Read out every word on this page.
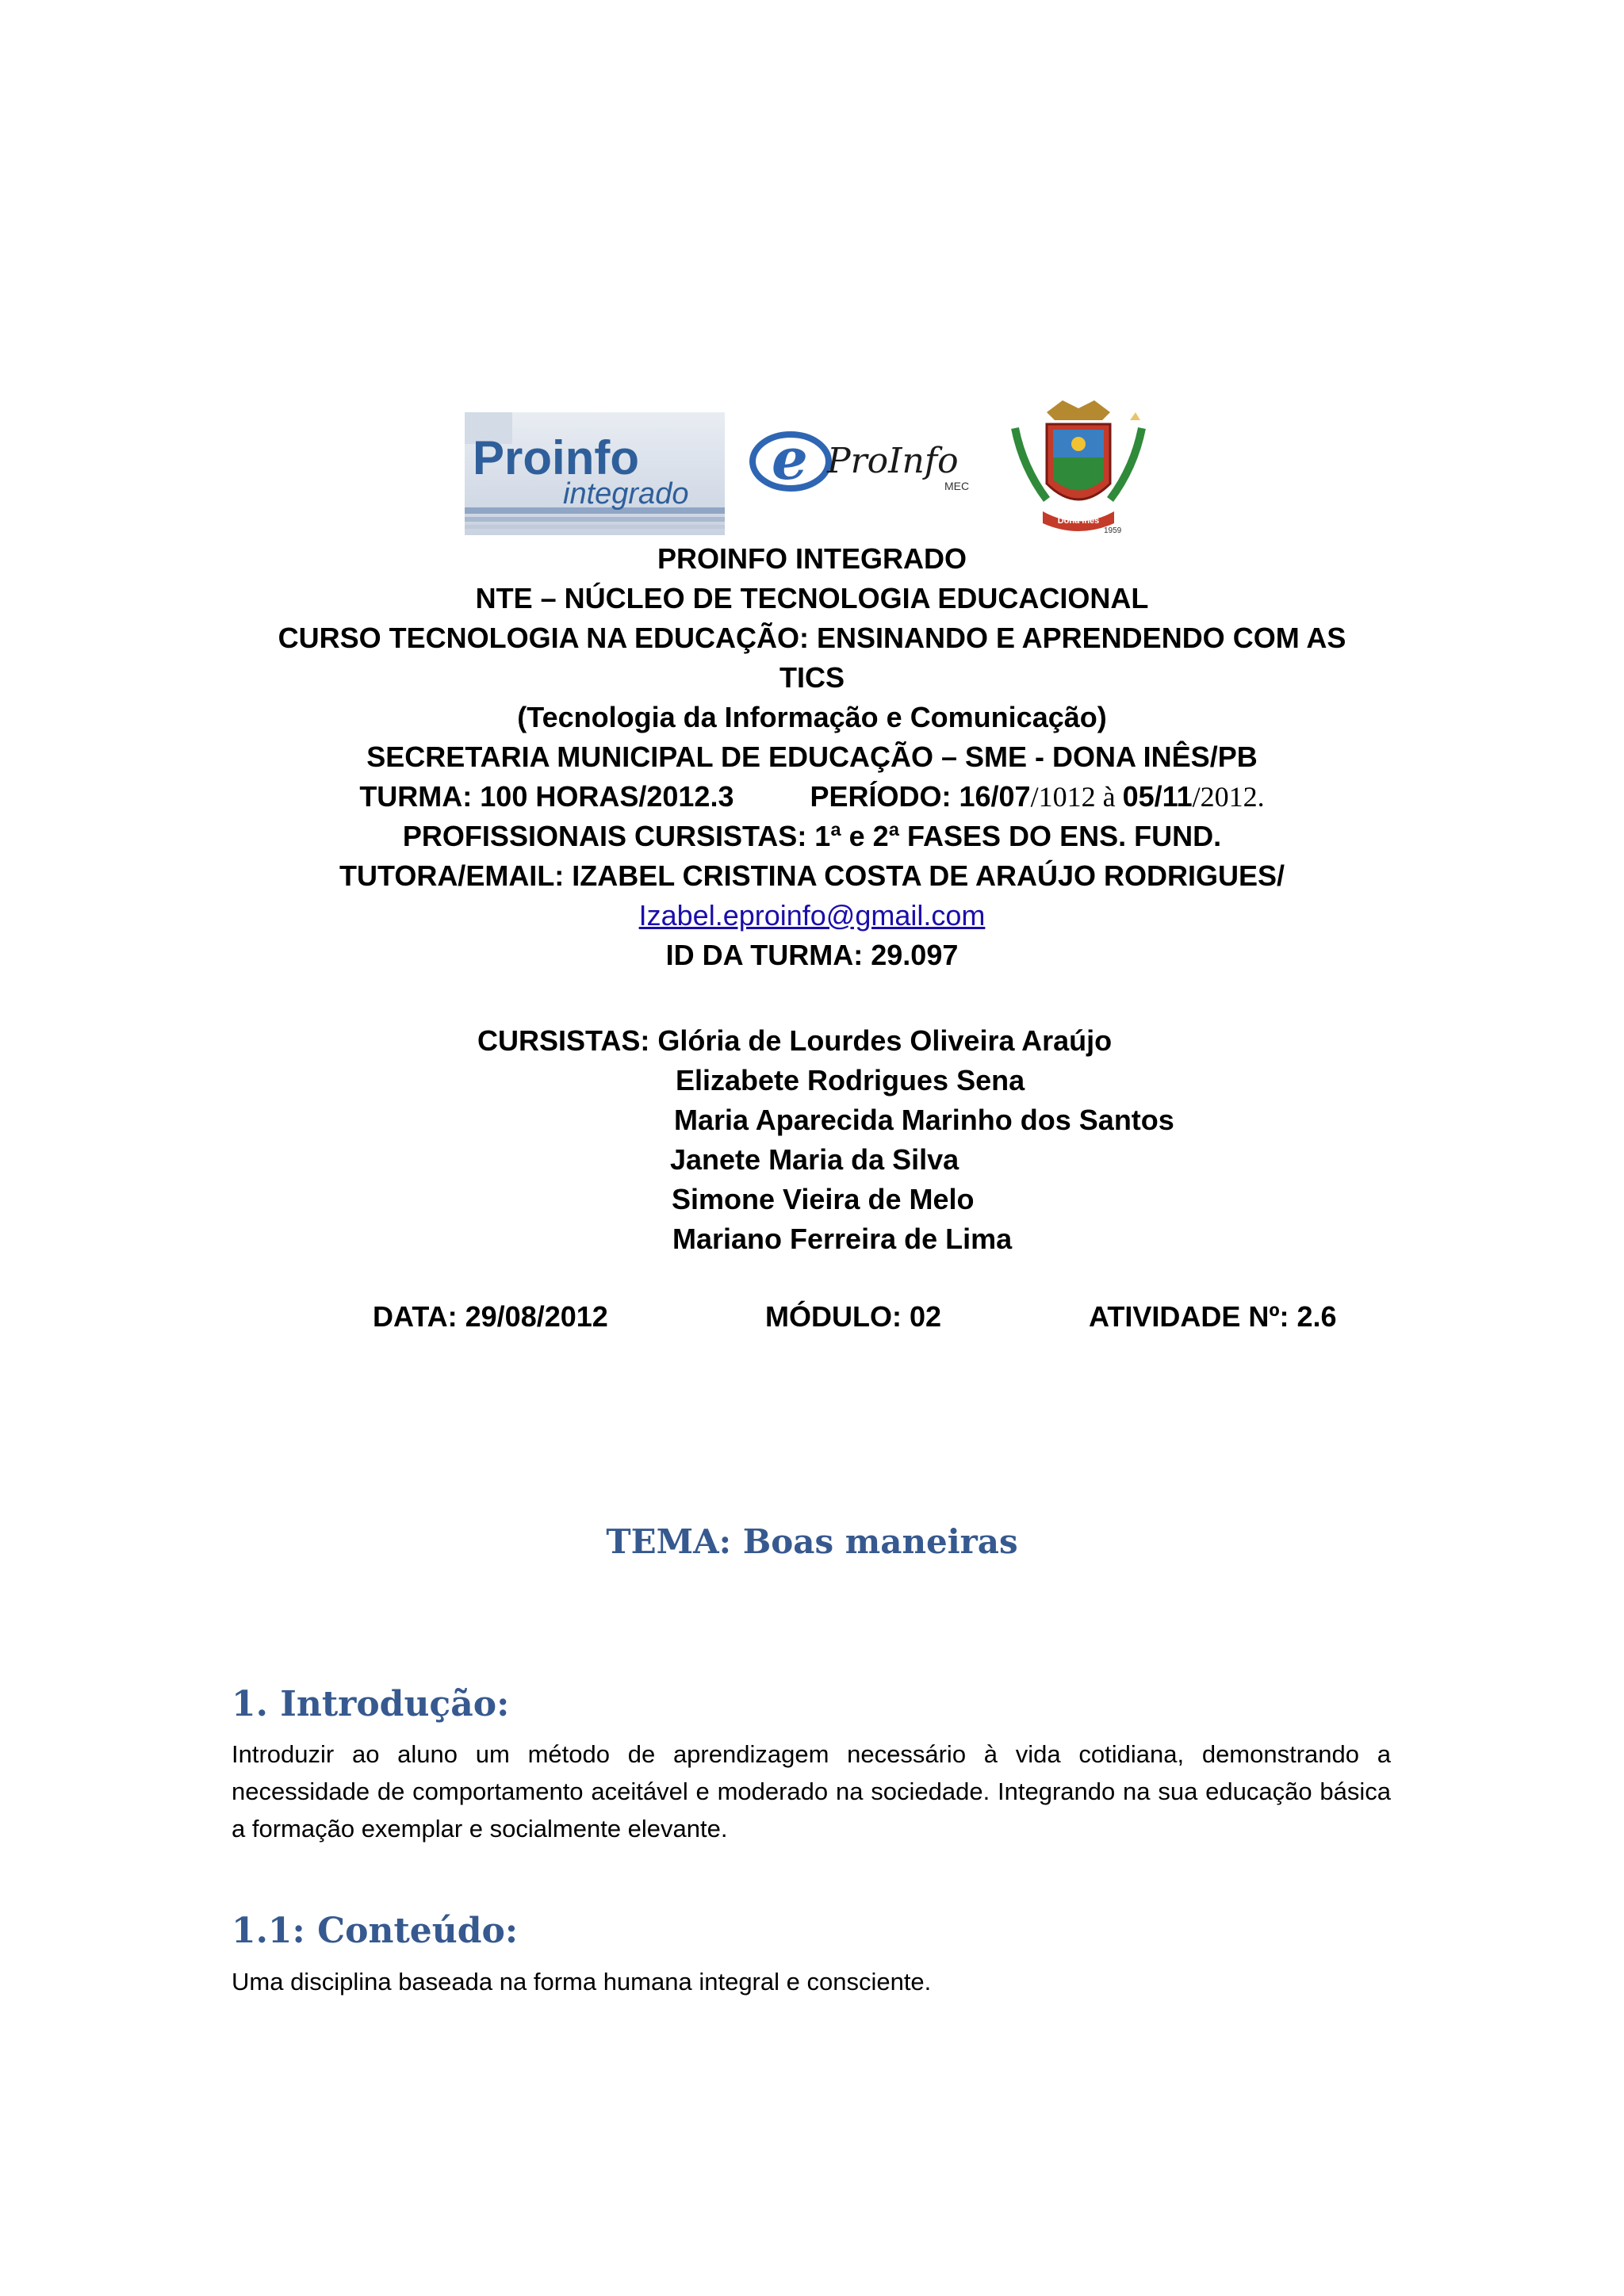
Proinfo
integrado
e ProInfo
MEC
Dona Inês
1959
PROINFO INTEGRADO
NTE – NÚCLEO DE TECNOLOGIA EDUCACIONAL
CURSO TECNOLOGIA NA EDUCAÇÃO: ENSINANDO E APRENDENDO COM AS
TICS
(Tecnologia da Informação e Comunicação)
SECRETARIA MUNICIPAL DE EDUCAÇÃO – SME - DONA INÊS/PB
TURMA: 100 HORAS/2012.3	PERÍODO: 16/07/1012 à 05/11/2012.
PROFISSIONAIS CURSISTAS: 1ª e 2ª FASES DO ENS. FUND.
TUTORA/EMAIL: IZABEL CRISTINA COSTA DE ARAÚJO RODRIGUES/
Izabel.eproinfo@gmail.com
ID DA TURMA: 29.097
CURSISTAS: Glória de Lourdes Oliveira Araújo
Elizabete Rodrigues Sena
Maria Aparecida Marinho dos Santos
Janete Maria da Silva
Simone Vieira de Melo
Mariano Ferreira de Lima
DATA: 29/08/2012	MÓDULO: 02	ATIVIDADE Nº: 2.6
TEMA: Boas maneiras
1. Introdução:
Introduzir ao aluno um método de aprendizagem necessário à vida cotidiana, demonstrando a necessidade de comportamento aceitável e moderado na sociedade. Integrando na sua educação básica a formação exemplar e socialmente elevante.
1.1: Conteúdo:
Uma disciplina baseada na forma humana integral e consciente.
